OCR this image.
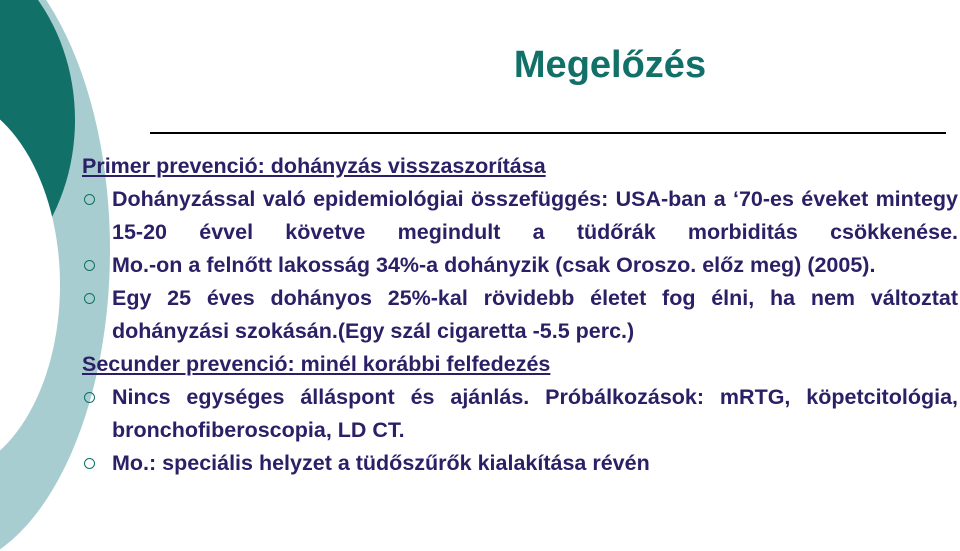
Megelőzés
Primer prevenció: dohányzás visszaszorítása
Dohányzással való epidemiológiai összefüggés: USA-ban a ‘70-es éveket mintegy 15-20 évvel követve megindult a tüdőrák morbiditás csökkenése.
Mo.-on a felnőtt lakosság 34%-a dohányzik (csak Oroszo. előz meg) (2005).
Egy 25 éves dohányos 25%-kal rövidebb életet fog élni, ha nem változtat dohányzási szokásán.(Egy szál cigaretta -5.5 perc.)
Secunder prevenció: minél korábbi felfedezés
Nincs egységes álláspont és ajánlás. Próbálkozások: mRTG, köpetcitológia, bronchofiberoscopia, LD CT.
Mo.: speciális helyzet a tüdőszűrők kialakítása révén
